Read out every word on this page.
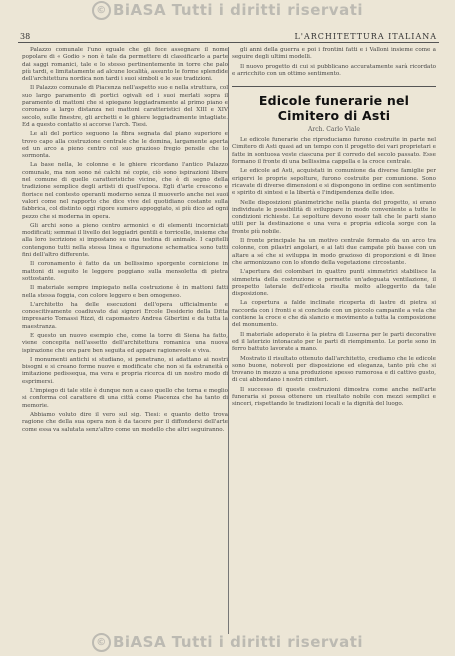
© BiASA Tutti i diritti riservati
38	L'ARCHITETTURA ITALIANA

Palazzo comunale l'uno eguale che gli fece assegnare il nome popolare di « Godio » non è tale da permettere di classificarlo a parte dai saggi romanici, tale e lo stesso pertinentemente in torre che palo più tardi, e limitatamente ad alcune località, assunto le forme splendide dell'architettura nordica non tardi i suoi simboli e le sue tradizioni.

Il Palazzo comunale di Piacenza nell'aspetto suo e nella struttura, col suo largo paramento di portici ogivali ed i suoi merlati sopra il paramento di mattoni che si spiegano leggiadramente al primo piano e coronano a largo distanza nei mattoni caratteristici del XIII e XIV secolo, sulle finestre, gli archetti e le ghiere leggiadramente intagliate. Ed a questo contatto si accorse l'arch. Tiesi.

Le ali del portico seguono la fibra segnata dal piano superiore e trovo capo alla costruzione centrale che le domina, largamente aperta ed un arco a pieno centro col suo grazioso fregio pensile che lo sormonta.

La base nella, le colonne e le ghiere ricordano l'antico Palazzo comunale, ma non sono né calchi né copie, ciò sono ispirazioni libere nel comune di quelle caratteristiche vicine, che è di segno della tradizione semplice degli artisti di quell'epoca. Egli d'arte crescono e fiorisce nel contesto operanti moderno senza il muoverlo anche nei suoi valori come nel rapporto che dice vive del quotidiano costante sulla fabbrica, col distinto oggi rigore sumero appoggiato, si più dico ad ogni pezzo che si moderna in opera.

Gli archi sono a pieno centro armonici e di elementi incorniciati modificati; semmai il livello dei leggiadri gentili e torricelle, insieme che alla loro iscrizione si impostano su una testina di animale. I capitelli contengono tutti nella stessa linea e figurazione schematica sono tutti fini dell'altro differente.

Il coronamento è fatto da un bellissimo sporgente cornicione in mattoni di seguito le leggere poggiano sulla mensoletta di pietra sottostante.

Il materiale sempre impiegato nella costruzione è in mattoni fatti nella stessa foggia, con colore leggero e ben omogeneo.

L'architetto ha delle esecuzioni dell'opera ufficialmente e conoscitivamente coadiuvato dai signori Ercole Desiderio della Ditta impresario Tomassi Rizzi, di capomastro Andrea Gibertini e da tutta la maestranza.

E questo un nuovo esempio che, come la torre di Siena ha fatto, viene concepita nell'assetto dell'architettura romanica una nuova ispirazione che ora pare ben seguita ed appare ragionevole e viva.

I monumenti antichi si studiano, si penetrano, si adattano ai nostri bisogni e si creano forme nuove e modificate che non si fa estraneità o imitazione pedissequa, ma vera e propria ricerca di un nostro modo di esprimersi.

L'impiego di tale stile è dunque non a caso quello che torna e meglio si conforma col carattere di una città come Piacenza che ha tanto di memorie.

Abbiamo voluto dire il vero sul sig. Tiesi: e quanto detto trova ragione che della sua opera non è da tacere per il diffondersi dell'arte come essa va salutata senz'altro come un modello che altri seguiranno.

gli anni della guerra e poi i frontini fatti e i Valloni insieme come a seguire degli ultimi modelli.

Il nuovo progetto di cui si pubblicano accuratamente sarà ricordato e arricchito con un ottimo sentimento.

Edicole funerarie nel Cimitero di Asti
Arch. Carlo Viale

Le edicole funerarie che riproduciamo furono costruite in parte nel Cimitero di Asti quasi ad un tempo con il progetto dei vari proprietari e fatte in sontuosa veste ciascuna per il corredo del secolo passato. Esse formano il fronte di una bellissima cappella e la croce centrale.

Le edicole ad Asti, acquistati in comunione da diverse famiglie per erigervi le proprie sepolture, furono costruite per comunione. Sono ricavate di diverse dimensioni e si dispongono in ordine con sentimento e spirito di sintesi e la libertà e l'indipendenza delle idee.

Nelle disposizioni planimetriche nella pianta del progetto, si erano individuate le possibilità di sviluppare in modo conveniente a tutte le condizioni richieste. Le sepolture devono esser tali che le parti siano utili per la destinazione e una vera e propria edicola sorge con la fronte più nobile.

Il fronte principale ha un motivo centrale formato da un arco tra colonne, con pilastri angolari, e ai lati due campate più basse con un altare a sé che si sviluppa in modo grazioso di proporzioni e di linee che armonizzano con lo sfondo della vegetazione circostante.

L'apertura dei colombari in quattro punti simmetrici stabilisce la simmetria della costruzione e permette un'adeguata ventilazione, il prospetto laterale dell'edicola risulta molto alleggerito da tale disposizione.

La copertura a falde inclinate ricoperta di lastre di pietra si raccorda con i fronti e si conclude con un piccolo campanile a vela che contiene la croce e che dà slancio e movimento a tutta la composizione del monumento.

Il materiale adoperato è la pietra di Luserna per le parti decorative ed il laterizio intonacato per le parti di riempimento. Le porte sono in ferro battuto lavorate a mano.

Mostrato il risultato ottenuto dall'architetto, crediamo che le edicole sono buone, notevoli per disposizione ed eleganza, tanto più che si trovano in mezzo a una produzione spesso rumorosa e di cattivo gusto, di cui abbondano i nostri cimiteri.

Il successo di queste costruzioni dimostra come anche nell'arte funeraria si possa ottenere un risultato nobile con mezzi semplici e sinceri, rispettando le tradizioni locali e la dignità del luogo.

© BiASA Tutti i diritti riservati
